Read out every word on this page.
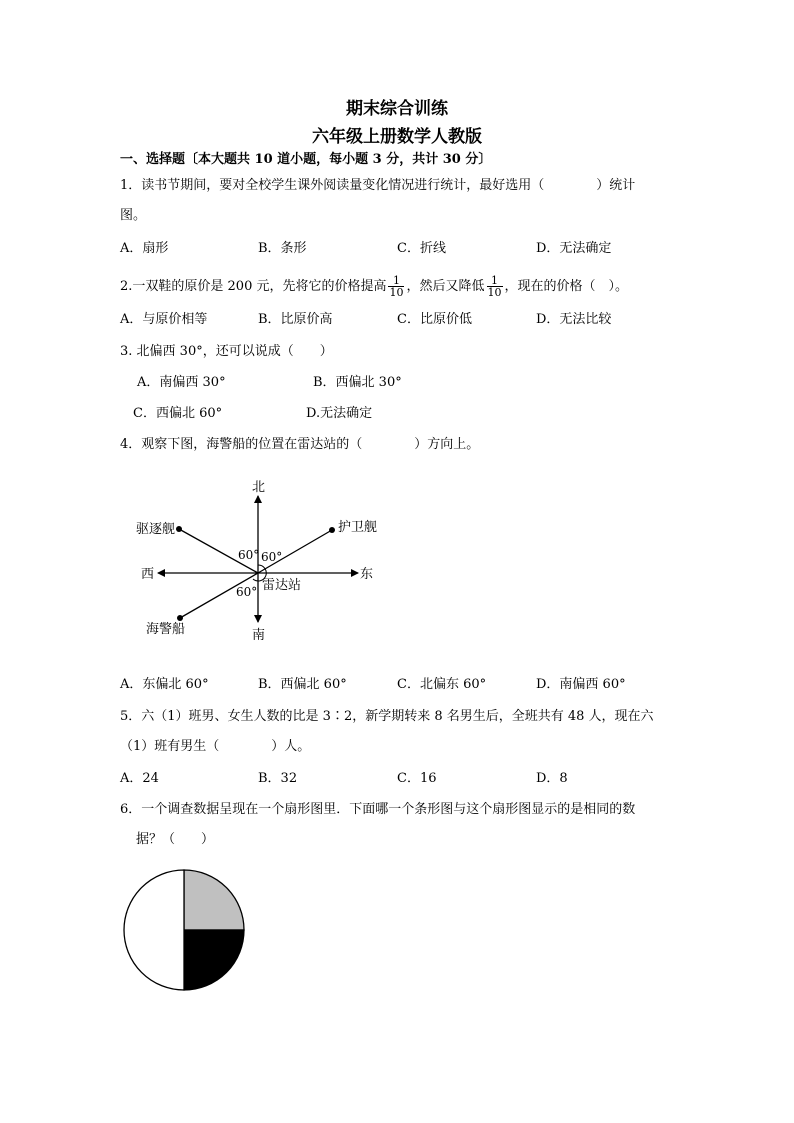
期末综合训练
六年级上册数学人教版
一、选择题〔本大题共 10 道小题，每小题 3 分，共计 30 分〕
1．读书节期间，要对全校学生课外阅读量变化情况进行统计，最好选用（　　　　）统计
图。
A．扇形	B．条形	C．折线	D．无法确定
2.一双鞋的原价是 200 元，先将它的价格提高 $\frac{1}{10}$ ，然后又降低 $\frac{1}{10}$ ，现在的价格（　）。
A．与原价相等	B．比原价高	C．比原价低	D．无法比较
3. 北偏西 30°，还可以说成（　　）
A．南偏西 30°	B．西偏北 30°
C．西偏北 60°	D.无法确定
4．观察下图，海警船的位置在雷达站的（　　　　）方向上。
北
南
东
西
驱逐舰	护卫舰
海警船
雷达站
60° 60°
60°
A．东偏北 60°	B．西偏北 60°	C．北偏东 60°	D．南偏西 60°
5．六（1）班男、女生人数的比是 3∶2，新学期转来 8 名男生后，全班共有 48 人，现在六
（1）班有男生（　　　　）人。
A．24	B．32	C．16	D．8
6．一个调查数据呈现在一个扇形图里．下面哪一个条形图与这个扇形图显示的是相同的数
据？（　　）
